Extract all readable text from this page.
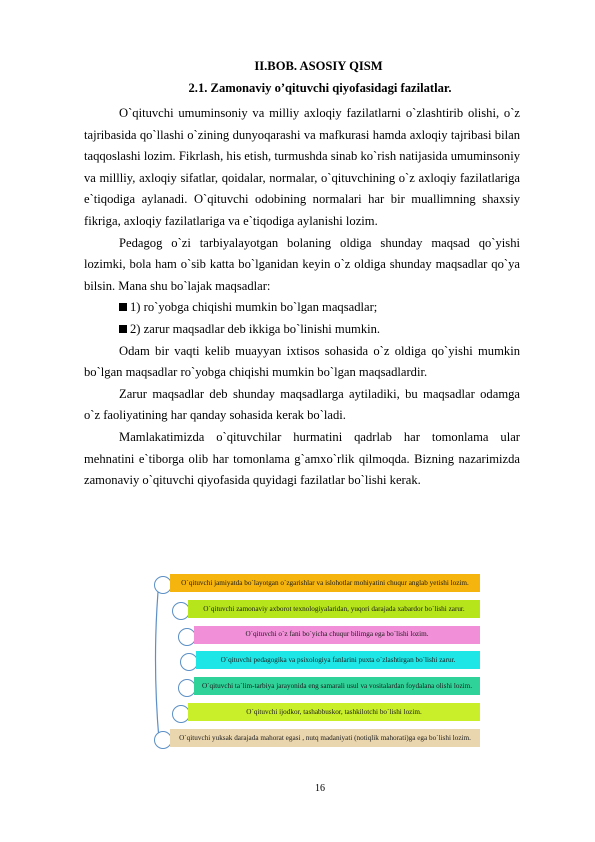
II.BOB. ASOSIY QISM
2.1. Zamonaviy o’qituvchi qiyofasidagi fazilatlar.

O`qituvchi umuminsoniy va milliy axloqiy fazilatlarni o`zlashtirib olishi, o`z tajribasida qo`llashi o`zining dunyoqarashi va mafkurasi hamda axloqiy tajribasi bilan taqqoslashi lozim. Fikrlash, his etish, turmushda sinab ko`rish natijasida umuminsoniy va millliy, axloqiy sifatlar, qoidalar, normalar, o`qituvchining o`z axloqiy fazilatlariga e`tiqodiga aylanadi. O`qituvchi odobining normalari har bir muallimning shaxsiy fikriga, axloqiy fazilatlariga va e`tiqodiga aylanishi lozim.

Pedagog o`zi tarbiyalayotgan bolaning oldiga shunday maqsad qo`yishi lozimki, bola ham o`sib katta bo`lganidan keyin o`z oldiga shunday maqsadlar qo`ya bilsin. Mana shu bo`lajak maqsadlar:

1) ro`yobga chiqishi mumkin bo`lgan maqsadlar;

2) zarur maqsadlar deb ikkiga bo`linishi mumkin.

Odam bir vaqti kelib muayyan ixtisos sohasida o`z oldiga qo`yishi mumkin bo`lgan maqsadlar ro`yobga chiqishi mumkin bo`lgan maqsadlardir.

Zarur maqsadlar deb shunday maqsadlarga aytiladiki, bu maqsadlar odamga o`z faoliyatining har qanday sohasida kerak bo`ladi.

Mamlakatimizda o`qituvchilar hurmatini qadrlab har tomonlama ular mehnatini e`tiborga olib har tomonlama g`amxo`rlik qilmoqda. Bizning nazarimizda zamonaviy o`qituvchi qiyofasida quyidagi fazilatlar bo`lishi kerak.

O`qituvchi jamiyatda bo`layotgan o`zgarishlar va islohotlar mohiyatini chuqur anglab yetishi lozim.
O`qituvchi zamonaviy axborot texnologiyalaridan, yuqori darajada xabardor bo`lishi zarur.
O`qituvchi o`z fani bo`yicha chuqur bilimga ega bo`lishi lozim.
O`qituvchi pedagogika va psixologiya fanlarini puxta o`zlashtirgan bo`lishi zarur.
O`qituvchi ta`lim-tarbiya jarayonida eng samarali usul va vositalardan foydalana olishi lozim.
O`qituvchi ijodkor, tashabbuskor, tashkilotchi bo`lishi lozim.
O`qituvchi yuksak darajada mahorat egasi , nutq madaniyati (notiqlik mahorati)ga ega bo`lishi lozim.
16
